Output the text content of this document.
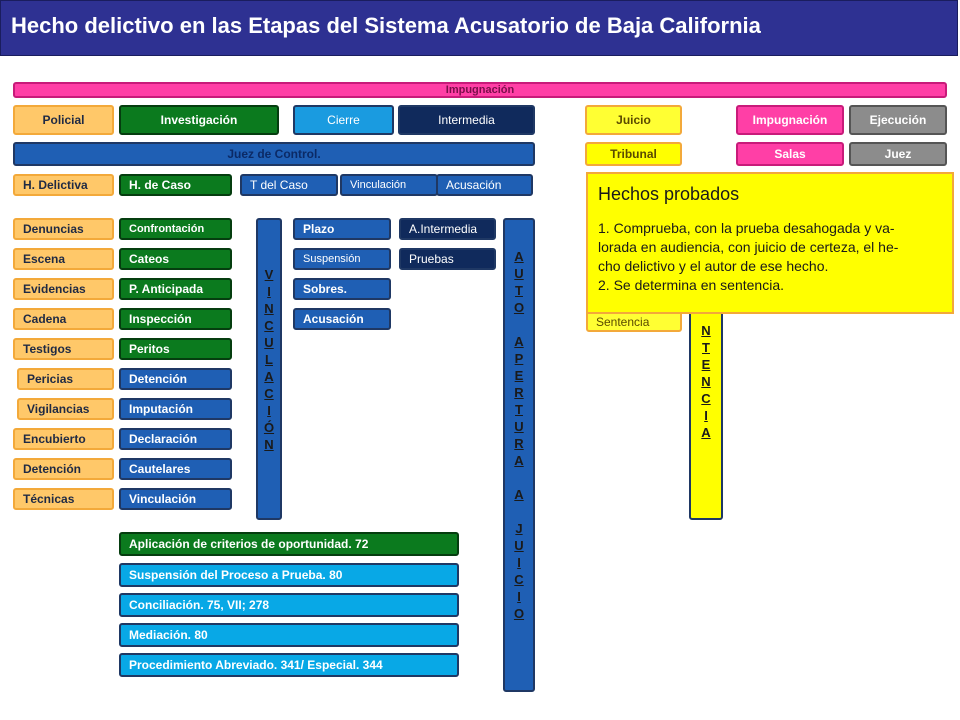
Hecho delictivo en las Etapas del Sistema Acusatorio de Baja California
Impugnación
Policial	Investigación	Cierre	Intermedia	Juicio	Impugnación	Ejecución
Juez de Control.	Tribunal	Salas	Juez
H. Delictiva	H. de Caso	T del Caso	Vinculación	Acusación
Denuncias
Escena
Evidencias
Cadena
Testigos
Pericias
Vigilancias
Encubierto
Detención
Técnicas
Confrontación
Cateos
P. Anticipada
Inspección
Peritos
Detención
Imputación
Declaración
Cautelares
Vinculación
V
I
N
C
U
L
A
C
I
Ó
N
Plazo
Suspensión
Sobres.
Acusación
A.Intermedia
Pruebas	A
U
T
O
A
P
E
R
T
U
R
A
A
J
U
I
C
I
O
Sentencia
N
T
E
N
C
I
A
Aplicación de criterios de oportunidad. 72
Suspensión del Proceso a Prueba. 80
Conciliación. 75, VII; 278
Mediación. 80
Procedimiento Abreviado. 341/ Especial. 344
Hechos probados
1. Comprueba, con la prueba desahogada y va-
lorada en audiencia, con juicio de certeza, el he-
cho delictivo y el autor de ese hecho.
2. Se determina en sentencia.
